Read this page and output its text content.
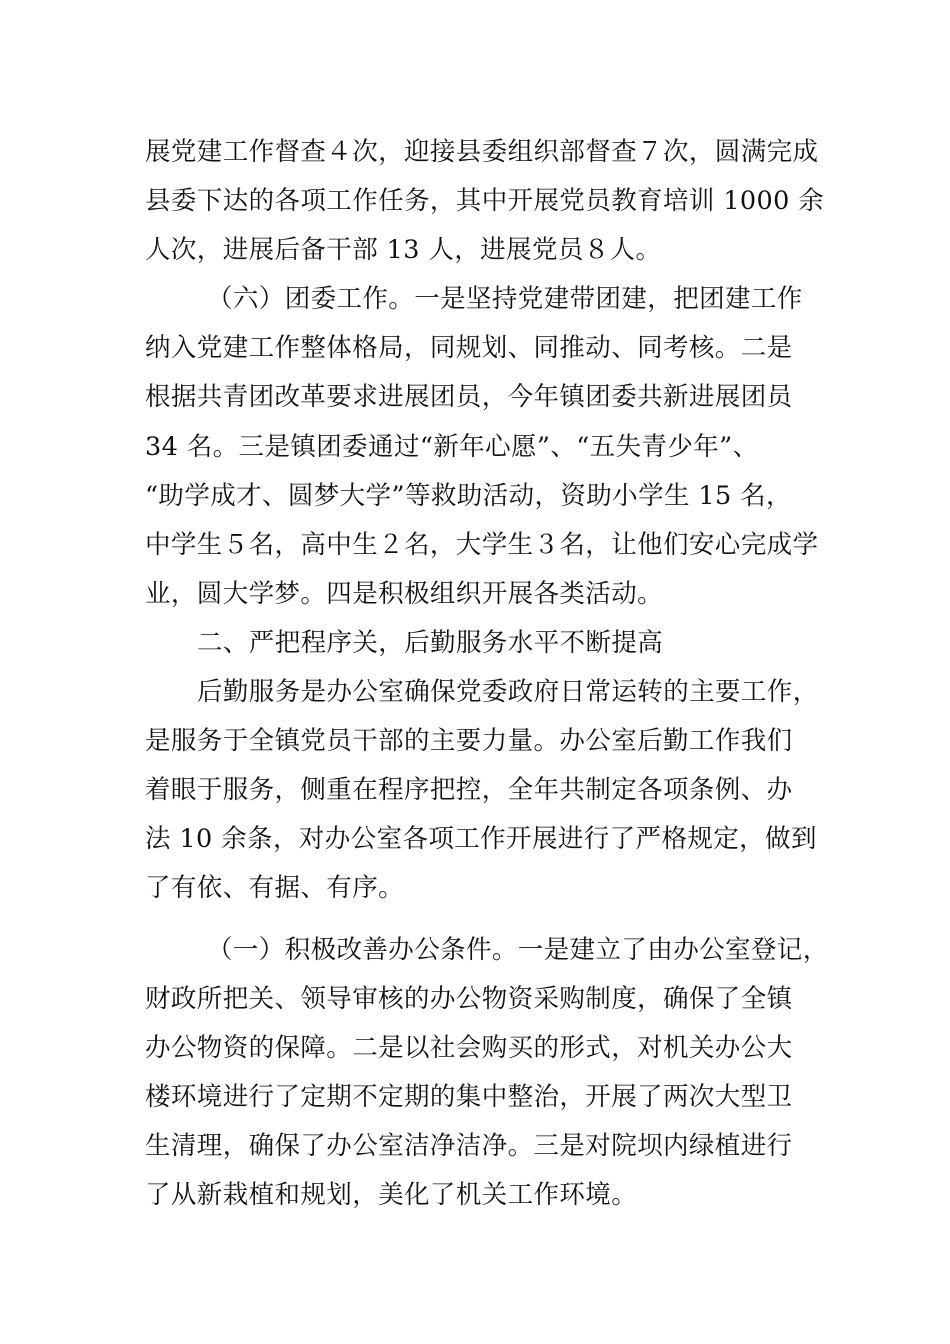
展党建工作督查４次，迎接县委组织部督查７次，圆满完成
县委下达的各项工作任务，其中开展党员教育培训 1000 余
人次，进展后备干部 13 人，进展党员８人。

（六）团委工作。一是坚持党建带团建，把团建工作
纳入党建工作整体格局，同规划、同推动、同考核。二是
根据共青团改革要求进展团员，今年镇团委共新进展团员
34 名。三是镇团委通过“新年心愿”、“五失青少年”、
“助学成才、圆梦大学”等救助活动，资助小学生 15 名，
中学生５名，高中生２名，大学生３名，让他们安心完成学
业，圆大学梦。四是积极组织开展各类活动。

二、严把程序关，后勤服务水平不断提高

后勤服务是办公室确保党委政府日常运转的主要工作，
是服务于全镇党员干部的主要力量。办公室后勤工作我们
着眼于服务，侧重在程序把控，全年共制定各项条例、办
法 10 余条，对办公室各项工作开展进行了严格规定，做到
了有依、有据、有序。

（一）积极改善办公条件。一是建立了由办公室登记，
财政所把关、领导审核的办公物资采购制度，确保了全镇
办公物资的保障。二是以社会购买的形式，对机关办公大
楼环境进行了定期不定期的集中整治，开展了两次大型卫
生清理，确保了办公室洁净洁净。三是对院坝内绿植进行
了从新栽植和规划，美化了机关工作环境。
